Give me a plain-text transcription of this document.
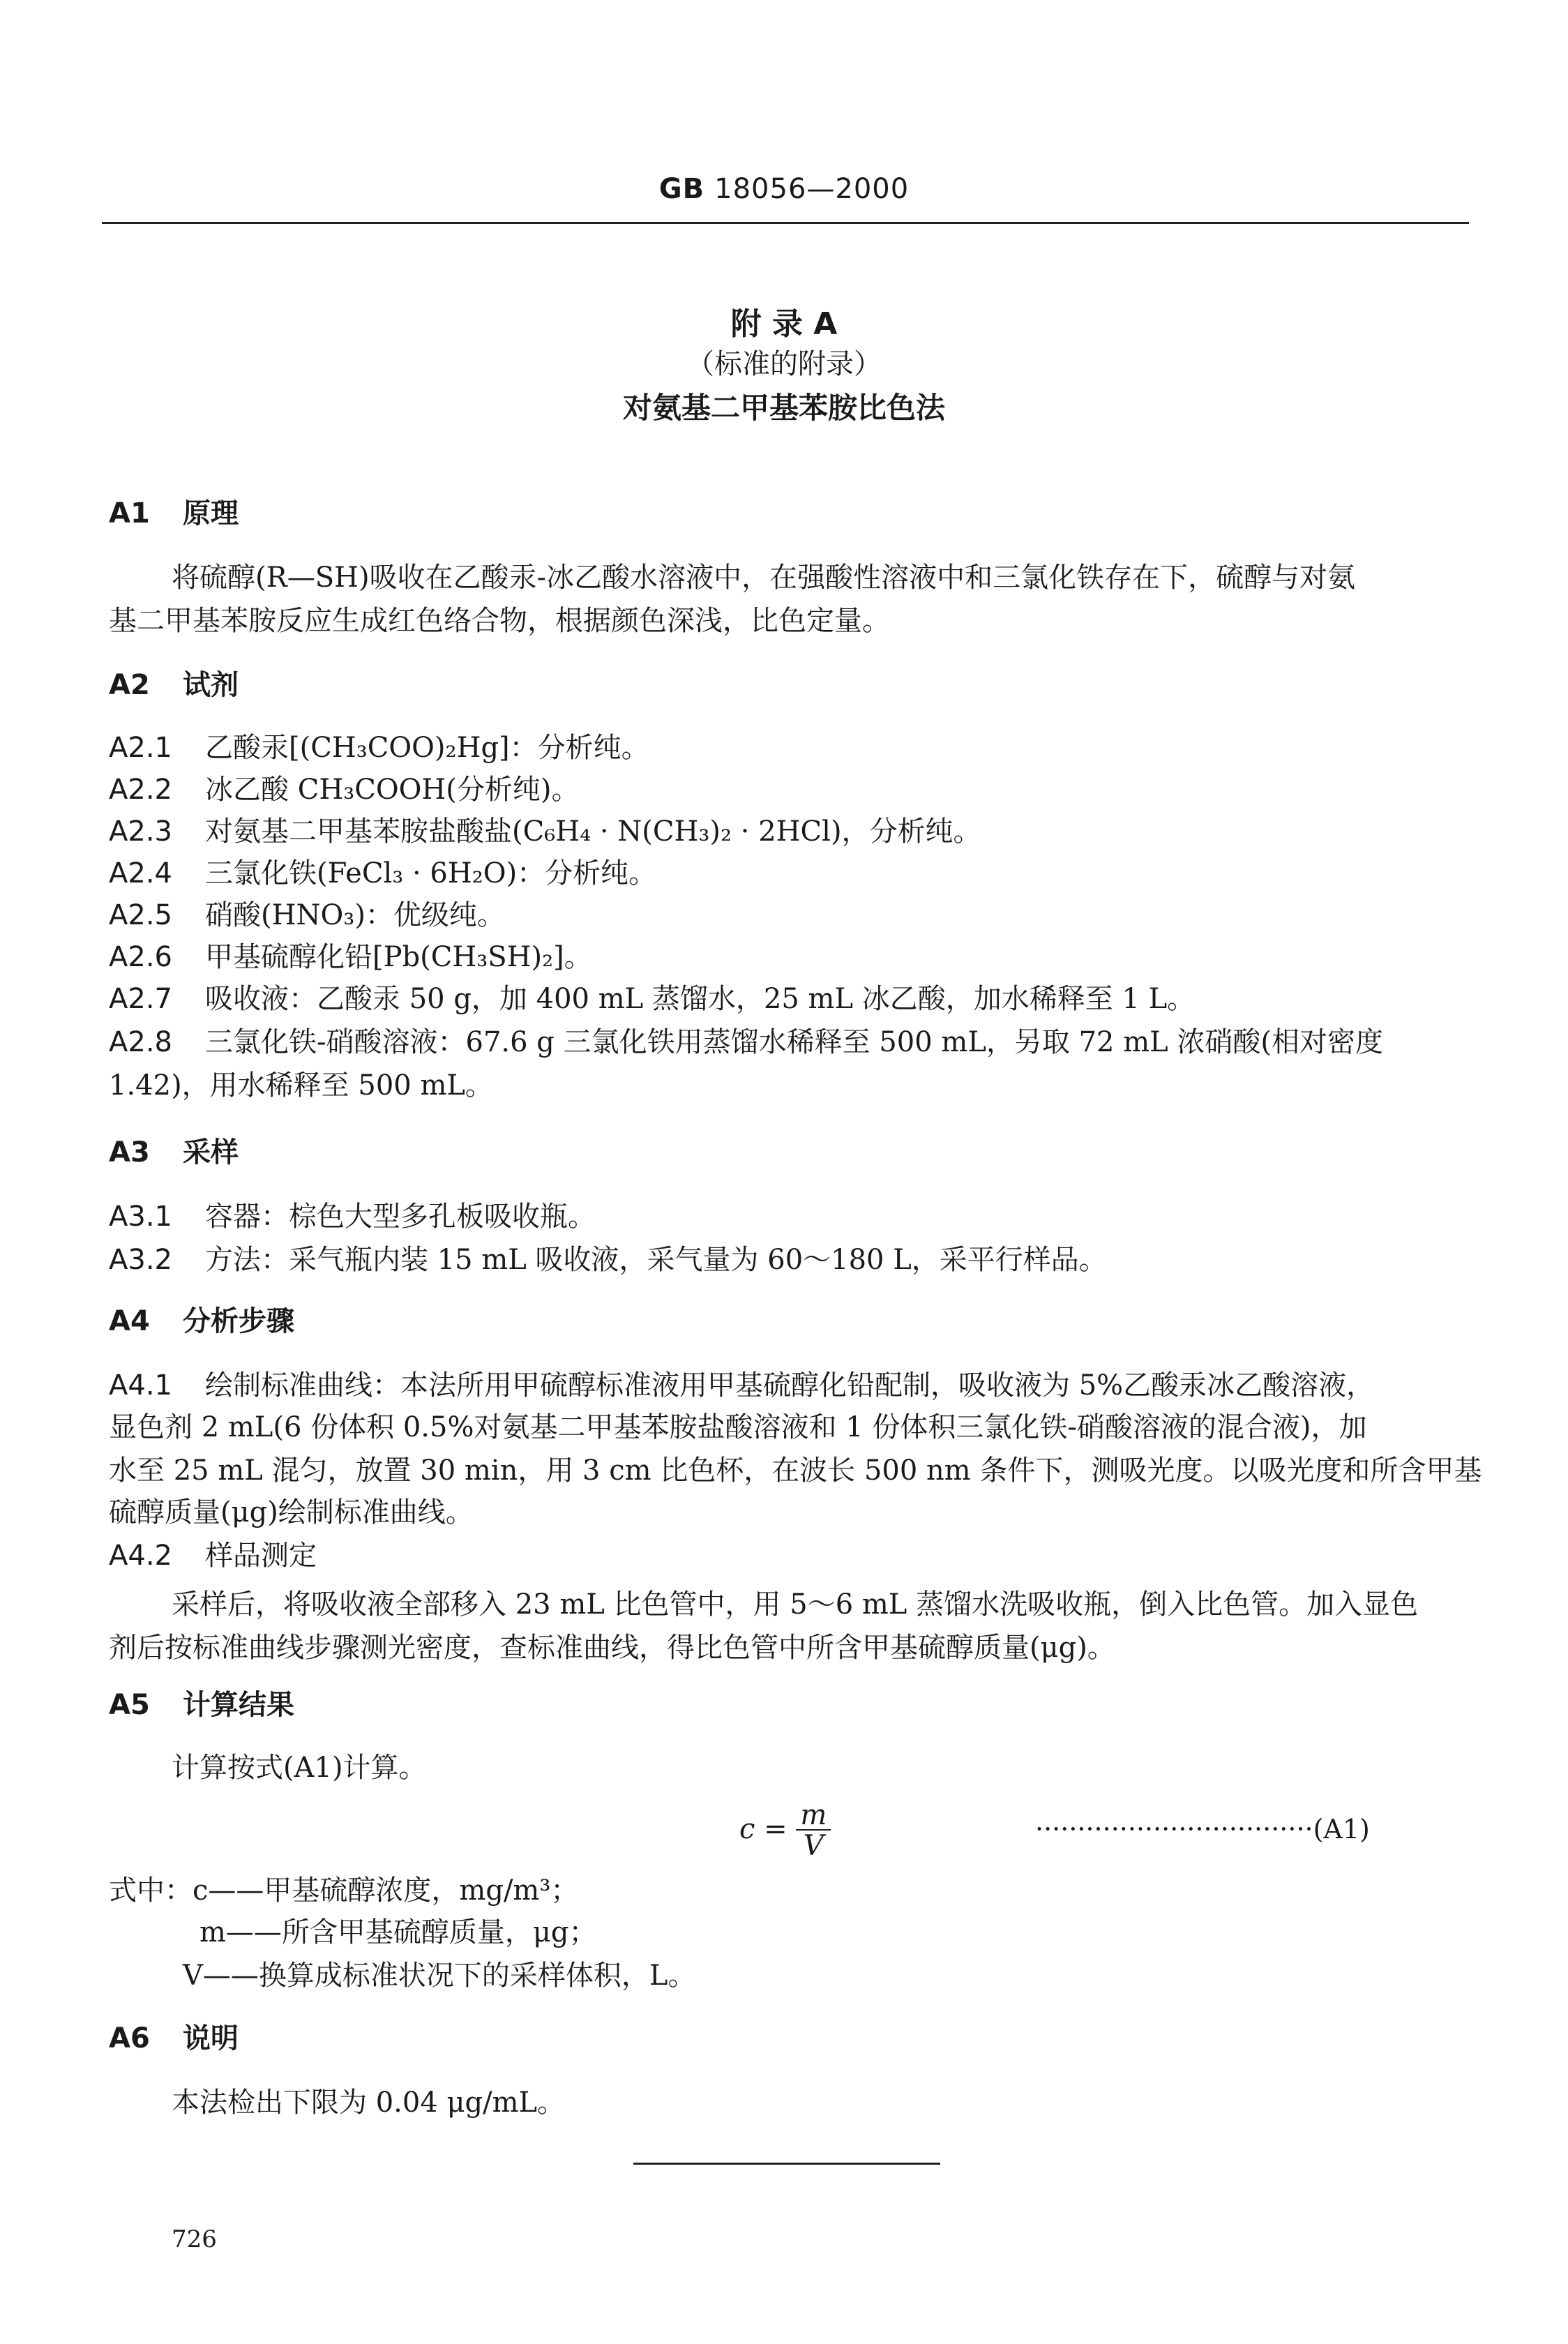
GB 18056—2000
附 录 A
（标准的附录）
对氨基二甲基苯胺比色法
A1 原理
将硫醇(R—SH)吸收在乙酸汞-冰乙酸水溶液中，在强酸性溶液中和三氯化铁存在下，硫醇与对氨
基二甲基苯胺反应生成红色络合物，根据颜色深浅，比色定量。
A2 试剂
A2.1 乙酸汞[(CH₃COO)₂Hg]：分析纯。
A2.2 冰乙酸 CH₃COOH(分析纯)。
A2.3 对氨基二甲基苯胺盐酸盐(C₆H₄ · N(CH₃)₂ · 2HCl)，分析纯。
A2.4 三氯化铁(FeCl₃ · 6H₂O)：分析纯。
A2.5 硝酸(HNO₃)：优级纯。
A2.6 甲基硫醇化铅[Pb(CH₃SH)₂]。
A2.7 吸收液：乙酸汞 50 g，加 400 mL 蒸馏水，25 mL 冰乙酸，加水稀释至 1 L。
A2.8 三氯化铁-硝酸溶液：67.6 g 三氯化铁用蒸馏水稀释至 500 mL，另取 72 mL 浓硝酸(相对密度
1.42)，用水稀释至 500 mL。
A3 采样
A3.1 容器：棕色大型多孔板吸收瓶。
A3.2 方法：采气瓶内装 15 mL 吸收液，采气量为 60～180 L，采平行样品。
A4 分析步骤
A4.1 绘制标准曲线：本法所用甲硫醇标准液用甲基硫醇化铅配制，吸收液为 5%乙酸汞冰乙酸溶液，
显色剂 2 mL(6 份体积 0.5%对氨基二甲基苯胺盐酸溶液和 1 份体积三氯化铁-硝酸溶液的混合液)，加
水至 25 mL 混匀，放置 30 min，用 3 cm 比色杯，在波长 500 nm 条件下，测吸光度。以吸光度和所含甲基
硫醇质量(μg)绘制标准曲线。
A4.2 样品测定
采样后，将吸收液全部移入 23 mL 比色管中，用 5～6 mL 蒸馏水洗吸收瓶，倒入比色管。加入显色
剂后按标准曲线步骤测光密度，查标准曲线，得比色管中所含甲基硫醇质量(μg)。
A5 计算结果
计算按式(A1)计算。
$c = \frac{m}{V}$	·································(A1)
式中：c——甲基硫醇浓度，mg/m³；
m——所含甲基硫醇质量，μg；
V——换算成标准状况下的采样体积，L。
A6 说明
本法检出下限为 0.04 μg/mL。
726
